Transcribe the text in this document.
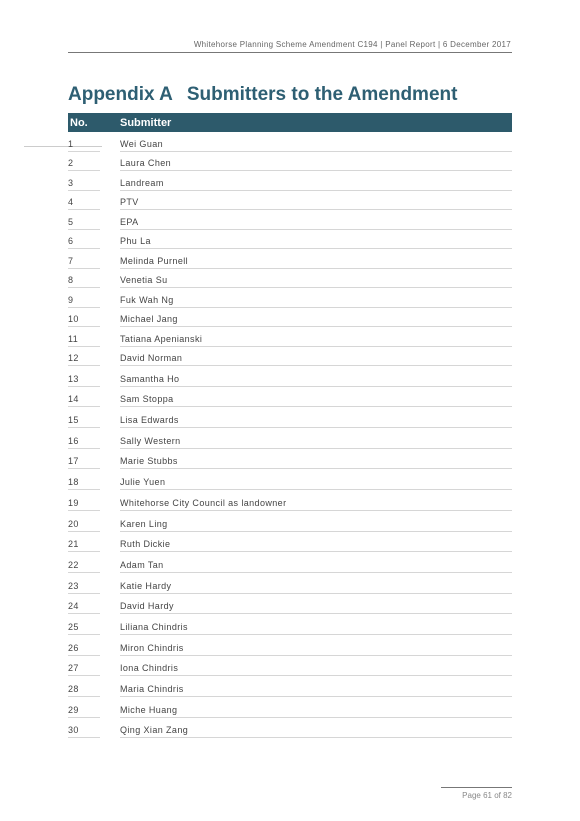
Whitehorse Planning Scheme Amendment C194 | Panel Report | 6 December 2017
Appendix A Submitters to the Amendment
No.	Submitter
1	Wei Guan
2	Laura Chen
3	Landream
4	PTV
5	EPA
6	Phu La
7	Melinda Purnell
8	Venetia Su
9	Fuk Wah Ng
10	Michael Jang
11	Tatiana Apenianski
12	David Norman
13	Samantha Ho
14	Sam Stoppa
15	Lisa Edwards
16	Sally Western
17	Marie Stubbs
18	Julie Yuen
19	Whitehorse City Council as landowner
20	Karen Ling
21	Ruth Dickie
22	Adam Tan
23	Katie Hardy
24	David Hardy
25	Liliana Chindris
26	Miron Chindris
27	Iona Chindris
28	Maria Chindris
29	Miche Huang
30	Qing Xian Zang
Page 61 of 82
